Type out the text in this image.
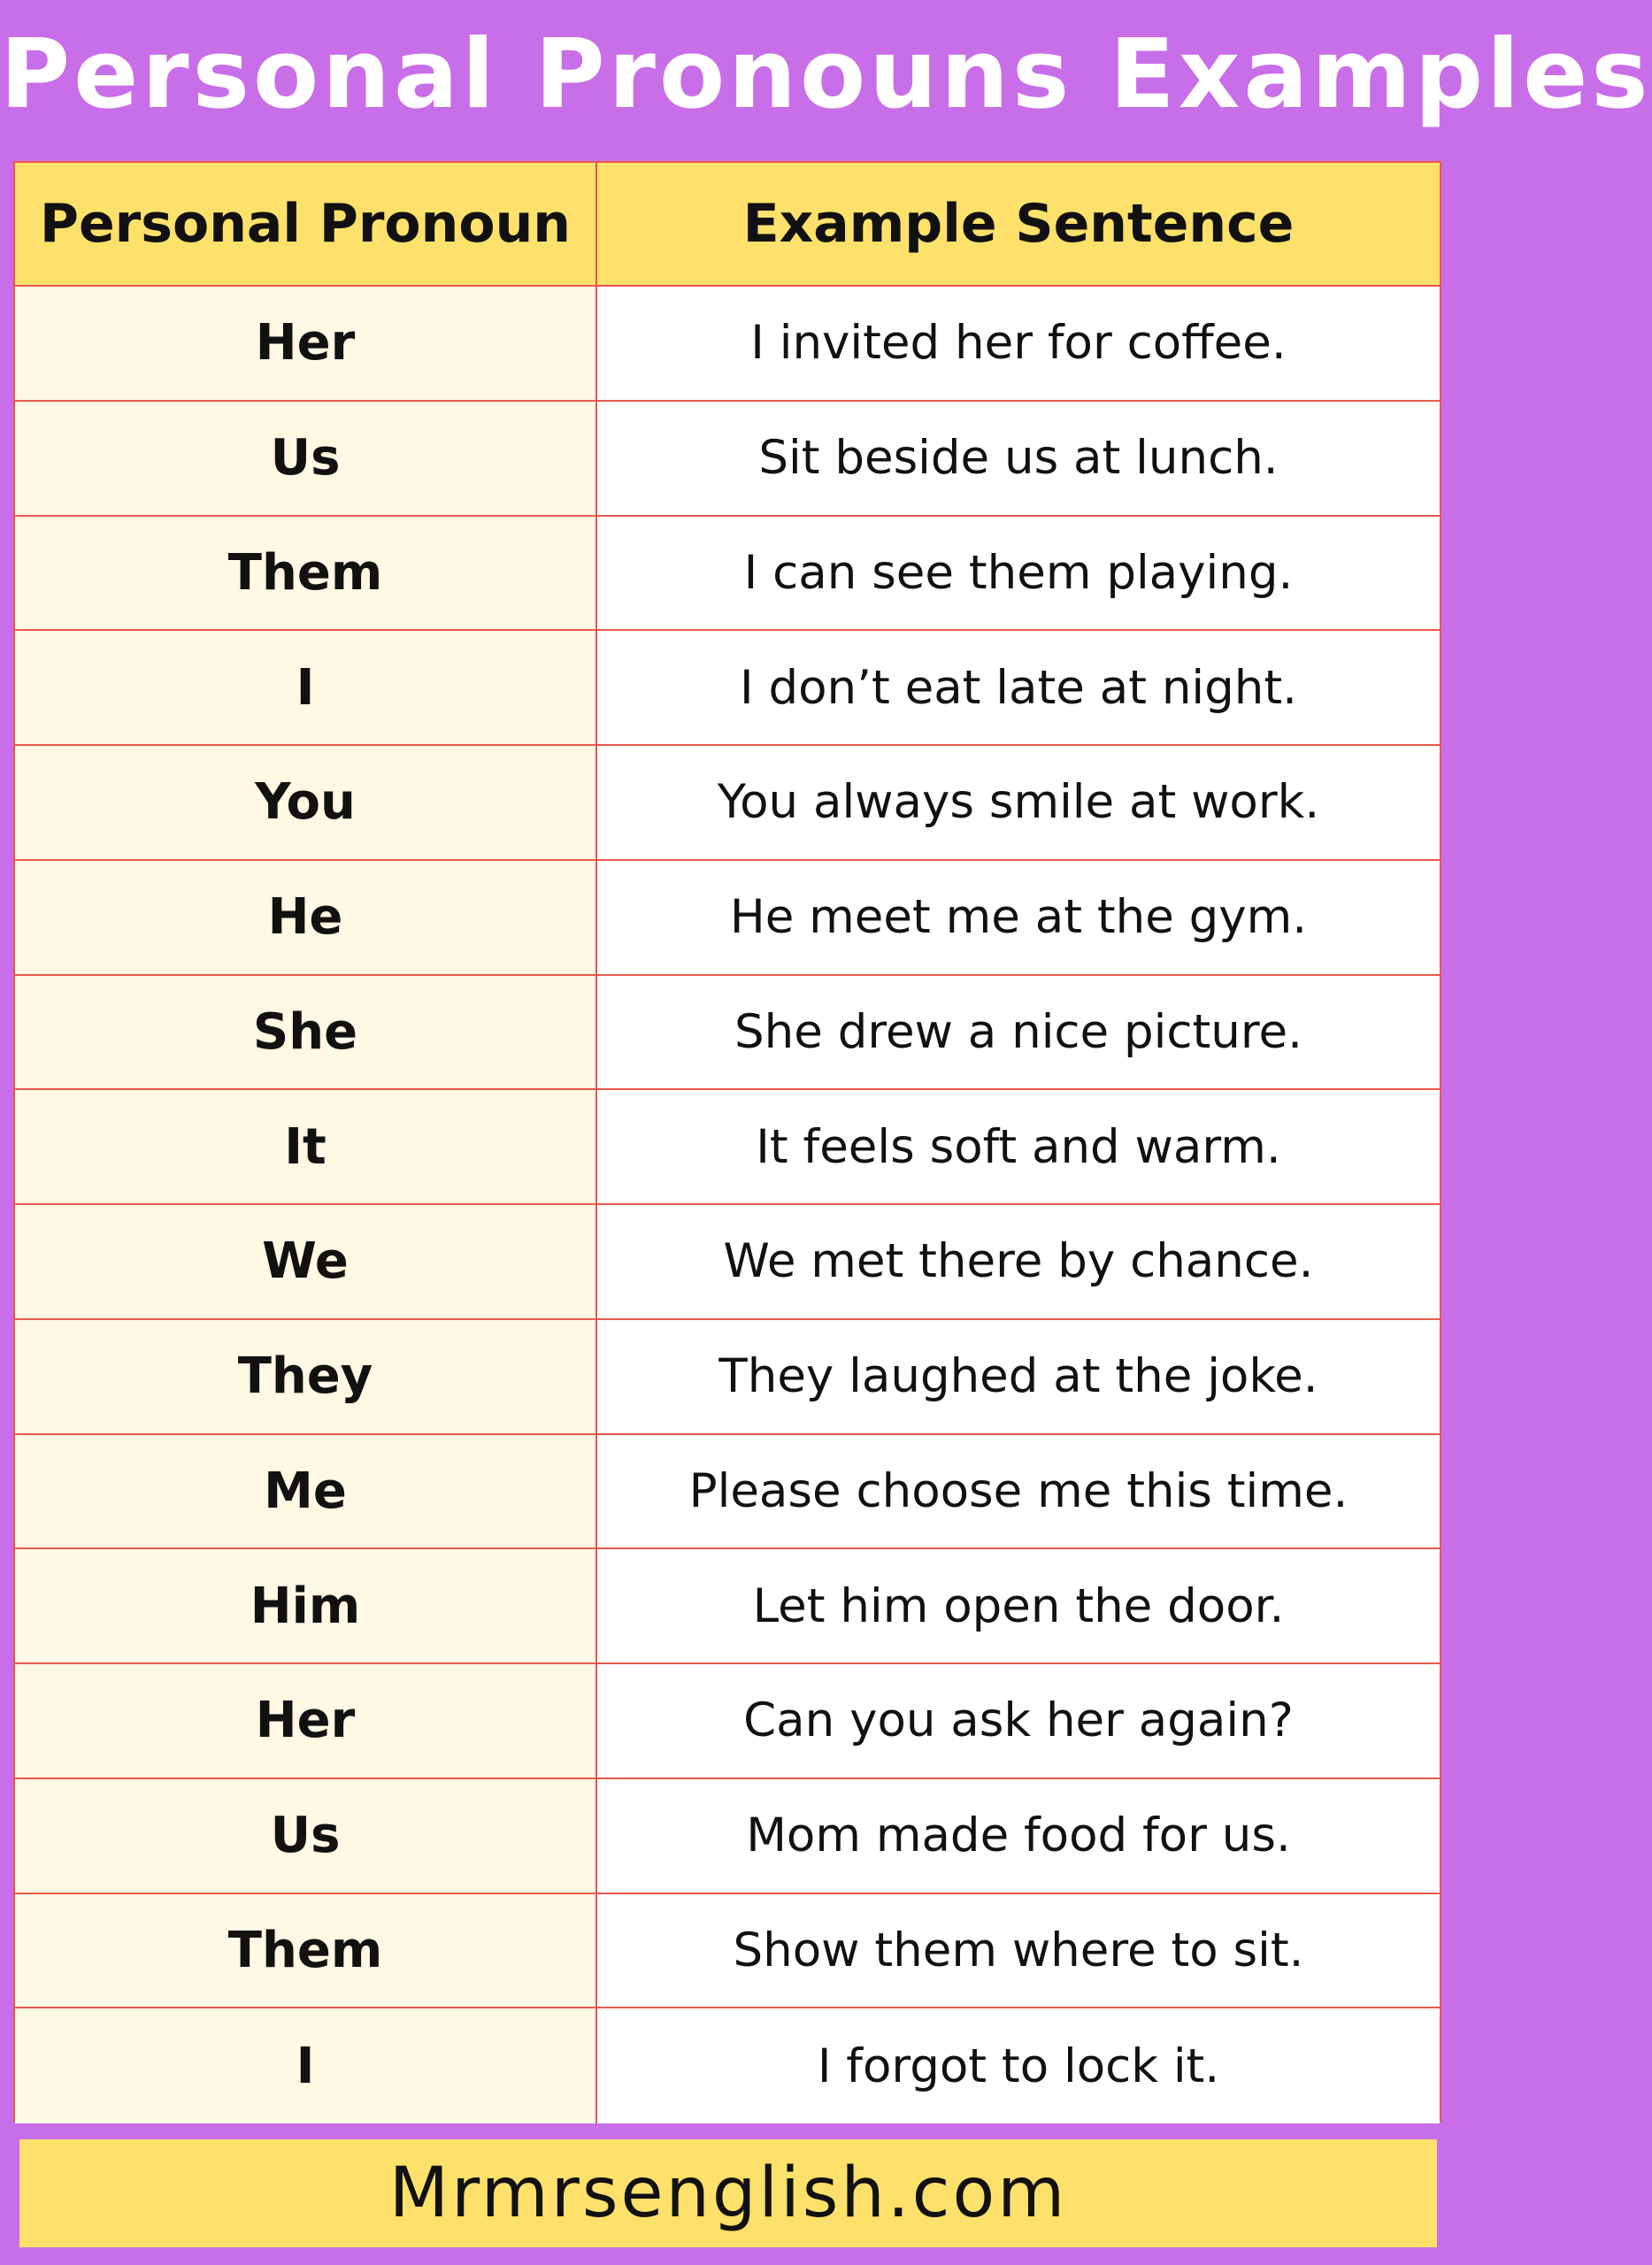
Personal Pronouns Examples
Personal Pronoun	Example Sentence
Her	I invited her for coffee.
Us	Sit beside us at lunch.
Them	I can see them playing.
I	I don’t eat late at night.
You	You always smile at work.
He	He meet me at the gym.
She	She drew a nice picture.
It	It feels soft and warm.
We	We met there by chance.
They	They laughed at the joke.
Me	Please choose me this time.
Him	Let him open the door.
Her	Can you ask her again?
Us	Mom made food for us.
Them	Show them where to sit.
I	I forgot to lock it.
Mrmrsenglish.com
